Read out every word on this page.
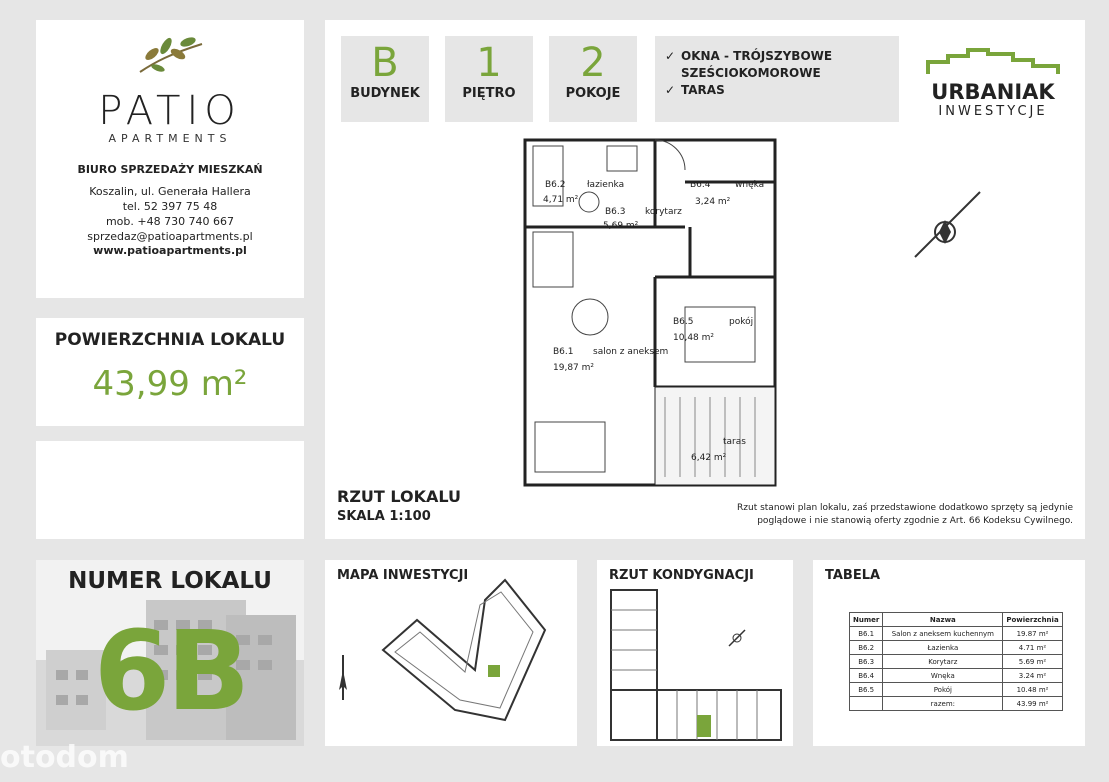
PATIO
APARTMENTS
BIURO SPRZEDAŻY MIESZKAŃ
Koszalin, ul. Generała Hallera
tel. 52 397 75 48
mob. +48 730 740 667
sprzedaz@patioapartments.pl
www.patioapartments.pl
POWIERZCHNIA LOKALU
43,99 m²
NUMER LOKALU
6B
B
BUDYNEK
1
PIĘTRO
2
POKOJE
✓ OKNA - TRÓJSZYBOWE
SZEŚCIOKOMOROWE
✓ TARAS	URBANIAK
INWESTYCJE
B6.2 łazienka
4,71 m²
B6.4	wnęka
3,24 m²
B6.3 korytarz
5,69 m²
B6.5	pokój
10,48 m²
B6.1 salon z aneksem
19,87 m²
taras
6,42 m²
RZUT LOKALU
SKALA 1:100
Rzut stanowi plan lokalu, zaś przedstawione dodatkowo sprzęty są jedynie
poglądowe i nie stanowią oferty zgodnie z Art. 66 Kodeksu Cywilnego.
MAPA INWESTYCJI	RZUT KONDYGNACJI	TABELA
Numer	Nazwa	Powierzchnia
B6.1	Salon z aneksem kuchennym	19.87 m²
B6.2	Łazienka	4.71 m²
B6.3	Korytarz	5.69 m²
B6.4	Wnęka	3.24 m²
B6.5	Pokój	10.48 m²
	razem:	43.99 m²
otodom
